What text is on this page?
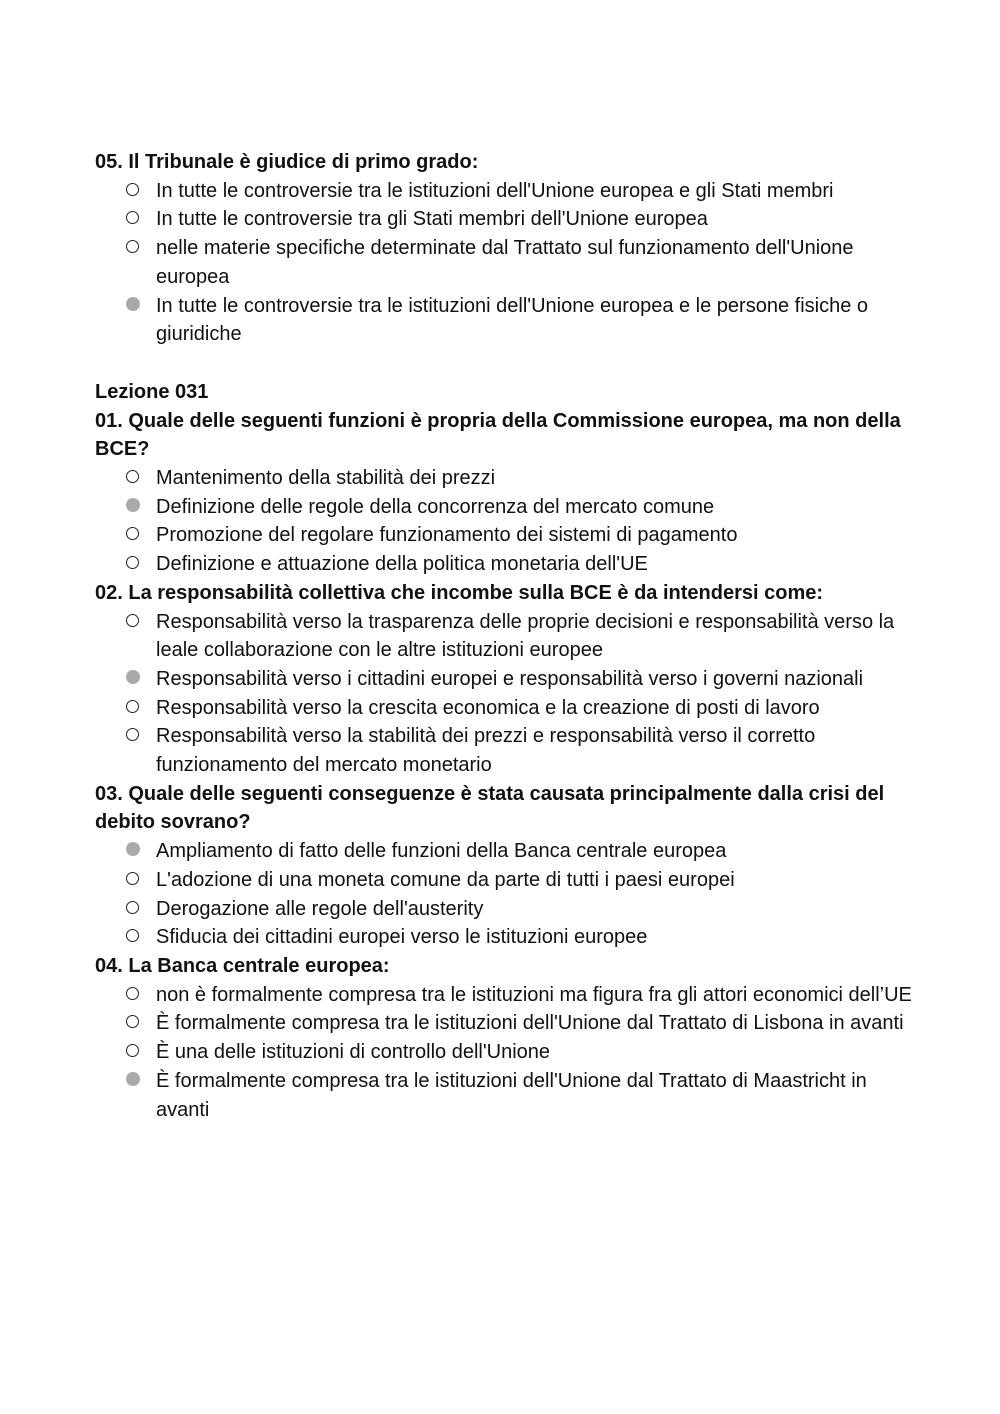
05. Il Tribunale è giudice di primo grado:
In tutte le controversie tra le istituzioni dell'Unione europea e gli Stati membri
In tutte le controversie tra gli Stati membri dell'Unione europea
nelle materie specifiche determinate dal Trattato sul funzionamento dell'Unione europea
In tutte le controversie tra le istituzioni dell'Unione europea e le persone fisiche o giuridiche
Lezione 031
01. Quale delle seguenti funzioni è propria della Commissione europea, ma non della BCE?
Mantenimento della stabilità dei prezzi
Definizione delle regole della concorrenza del mercato comune
Promozione del regolare funzionamento dei sistemi di pagamento
Definizione e attuazione della politica monetaria dell'UE
02. La responsabilità collettiva che incombe sulla BCE è da intendersi come:
Responsabilità verso la trasparenza delle proprie decisioni e responsabilità verso la leale collaborazione con le altre istituzioni europee
Responsabilità verso i cittadini europei e responsabilità verso i governi nazionali
Responsabilità verso la crescita economica e la creazione di posti di lavoro
Responsabilità verso la stabilità dei prezzi e responsabilità verso il corretto funzionamento del mercato monetario
03. Quale delle seguenti conseguenze è stata causata principalmente dalla crisi del debito sovrano?
Ampliamento di fatto delle funzioni della Banca centrale europea
L'adozione di una moneta comune da parte di tutti i paesi europei
Derogazione alle regole dell'austerity
Sfiducia dei cittadini europei verso le istituzioni europee
04. La Banca centrale europea:
non è formalmente compresa tra le istituzioni ma figura fra gli attori economici dell’UE
È formalmente compresa tra le istituzioni dell'Unione dal Trattato di Lisbona in avanti
È una delle istituzioni di controllo dell'Unione
È formalmente compresa tra le istituzioni dell'Unione dal Trattato di Maastricht in avanti
